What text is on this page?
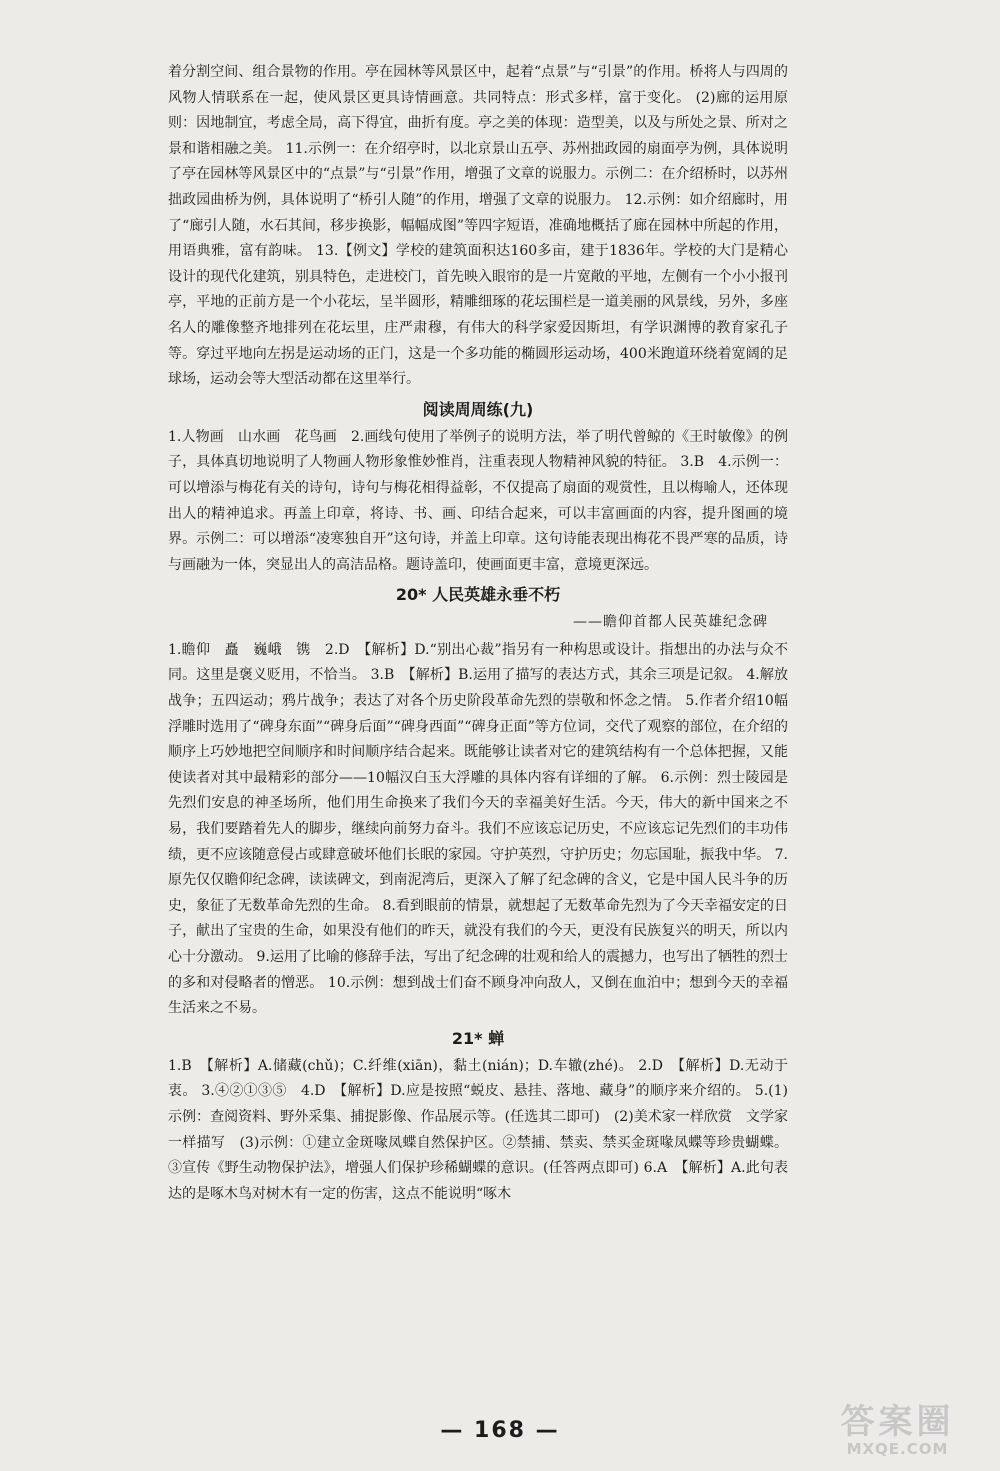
着分割空间、组合景物的作用。亭在园林等风景区中，起着“点景”与“引景”的作用。桥将人与四周的风物人情联系在一起，使风景区更具诗情画意。共同特点：形式多样，富于变化。 (2)廊的运用原则：因地制宜，考虑全局，高下得宜，曲折有度。亭之美的体现：造型美，以及与所处之景、所对之景和谐相融之美。 11.示例一：在介绍亭时，以北京景山五亭、苏州拙政园的扇面亭为例，具体说明了亭在园林等风景区中的“点景”与“引景”作用，增强了文章的说服力。示例二：在介绍桥时，以苏州拙政园曲桥为例，具体说明了“桥引人随”的作用，增强了文章的说服力。 12.示例：如介绍廊时，用了“廊引人随，水石其间，移步换影，幅幅成图”等四字短语，准确地概括了廊在园林中所起的作用，用语典雅，富有韵味。 13.【例文】学校的建筑面积达160多亩，建于1836年。学校的大门是精心设计的现代化建筑，别具特色，走进校门，首先映入眼帘的是一片宽敞的平地，左侧有一个小小报刊亭，平地的正前方是一个小花坛，呈半圆形，精雕细琢的花坛围栏是一道美丽的风景线，另外，多座名人的雕像整齐地排列在花坛里，庄严肃穆，有伟大的科学家爱因斯坦，有学识渊博的教育家孔子等。穿过平地向左拐是运动场的正门，这是一个多功能的椭圆形运动场，400米跑道环绕着宽阔的足球场，运动会等大型活动都在这里举行。

阅读周周练(九)

1.人物画　山水画　花鸟画　2.画线句使用了举例子的说明方法，举了明代曾鲸的《王时敏像》的例子，具体真切地说明了人物画人物形象惟妙惟肖，注重表现人物精神风貌的特征。 3.B　4.示例一：可以增添与梅花有关的诗句，诗句与梅花相得益彰，不仅提高了扇面的观赏性，且以梅喻人，还体现出人的精神追求。再盖上印章，将诗、书、画、印结合起来，可以丰富画面的内容，提升图画的境界。示例二：可以增添“凌寒独自开”这句诗，并盖上印章。这句诗能表现出梅花不畏严寒的品质，诗与画融为一体，突显出人的高洁品格。题诗盖印，使画面更丰富，意境更深远。

20* 人民英雄永垂不朽
——瞻仰首都人民英雄纪念碑

1.瞻仰　矗　巍峨　镌　2.D　【解析】D.“别出心裁”指另有一种构思或设计。指想出的办法与众不同。这里是褒义贬用，不恰当。 3.B　【解析】B.运用了描写的表达方式，其余三项是记叙。 4.解放战争；五四运动；鸦片战争；表达了对各个历史阶段革命先烈的崇敬和怀念之情。 5.作者介绍10幅浮雕时选用了“碑身东面”“碑身后面”“碑身西面”“碑身正面”等方位词，交代了观察的部位，在介绍的顺序上巧妙地把空间顺序和时间顺序结合起来。既能够让读者对它的建筑结构有一个总体把握，又能使读者对其中最精彩的部分——10幅汉白玉大浮雕的具体内容有详细的了解。 6.示例：烈士陵园是先烈们安息的神圣场所，他们用生命换来了我们今天的幸福美好生活。今天，伟大的新中国来之不易，我们要踏着先人的脚步，继续向前努力奋斗。我们不应该忘记历史，不应该忘记先烈们的丰功伟绩，更不应该随意侵占或肆意破坏他们长眠的家园。守护英烈，守护历史；勿忘国耻，振我中华。 7.原先仅仅瞻仰纪念碑，读读碑文，到南泥湾后，更深入了解了纪念碑的含义，它是中国人民斗争的历史，象征了无数革命先烈的生命。 8.看到眼前的情景，就想起了无数革命先烈为了今天幸福安定的日子，献出了宝贵的生命，如果没有他们的昨天，就没有我们的今天，更没有民族复兴的明天，所以内心十分激动。 9.运用了比喻的修辞手法，写出了纪念碑的壮观和给人的震撼力，也写出了牺牲的烈士的多和对侵略者的憎恶。 10.示例：想到战士们奋不顾身冲向敌人，又倒在血泊中；想到今天的幸福生活来之不易。

21* 蝉

1.B　【解析】A.储藏(chǔ)；C.纤维(xiān)，黏土(nián)；D.车辙(zhé)。 2.D　【解析】D.无动于衷。 3.④②①③⑤　4.D　【解析】D.应是按照“蜕皮、悬挂、落地、藏身”的顺序来介绍的。 5.(1)示例：查阅资料、野外采集、捕捉影像、作品展示等。(任选其二即可)　(2)美术家一样欣赏　文学家一样描写　(3)示例：①建立金斑喙凤蝶自然保护区。②禁捕、禁卖、禁买金斑喙凤蝶等珍贵蝴蝶。③宣传《野生动物保护法》，增强人们保护珍稀蝴蝶的意识。(任答两点即可) 6.A　【解析】A.此句表达的是啄木鸟对树木有一定的伤害，这点不能说明“啄木

— 168 —	答案圈
MXQE.COM
